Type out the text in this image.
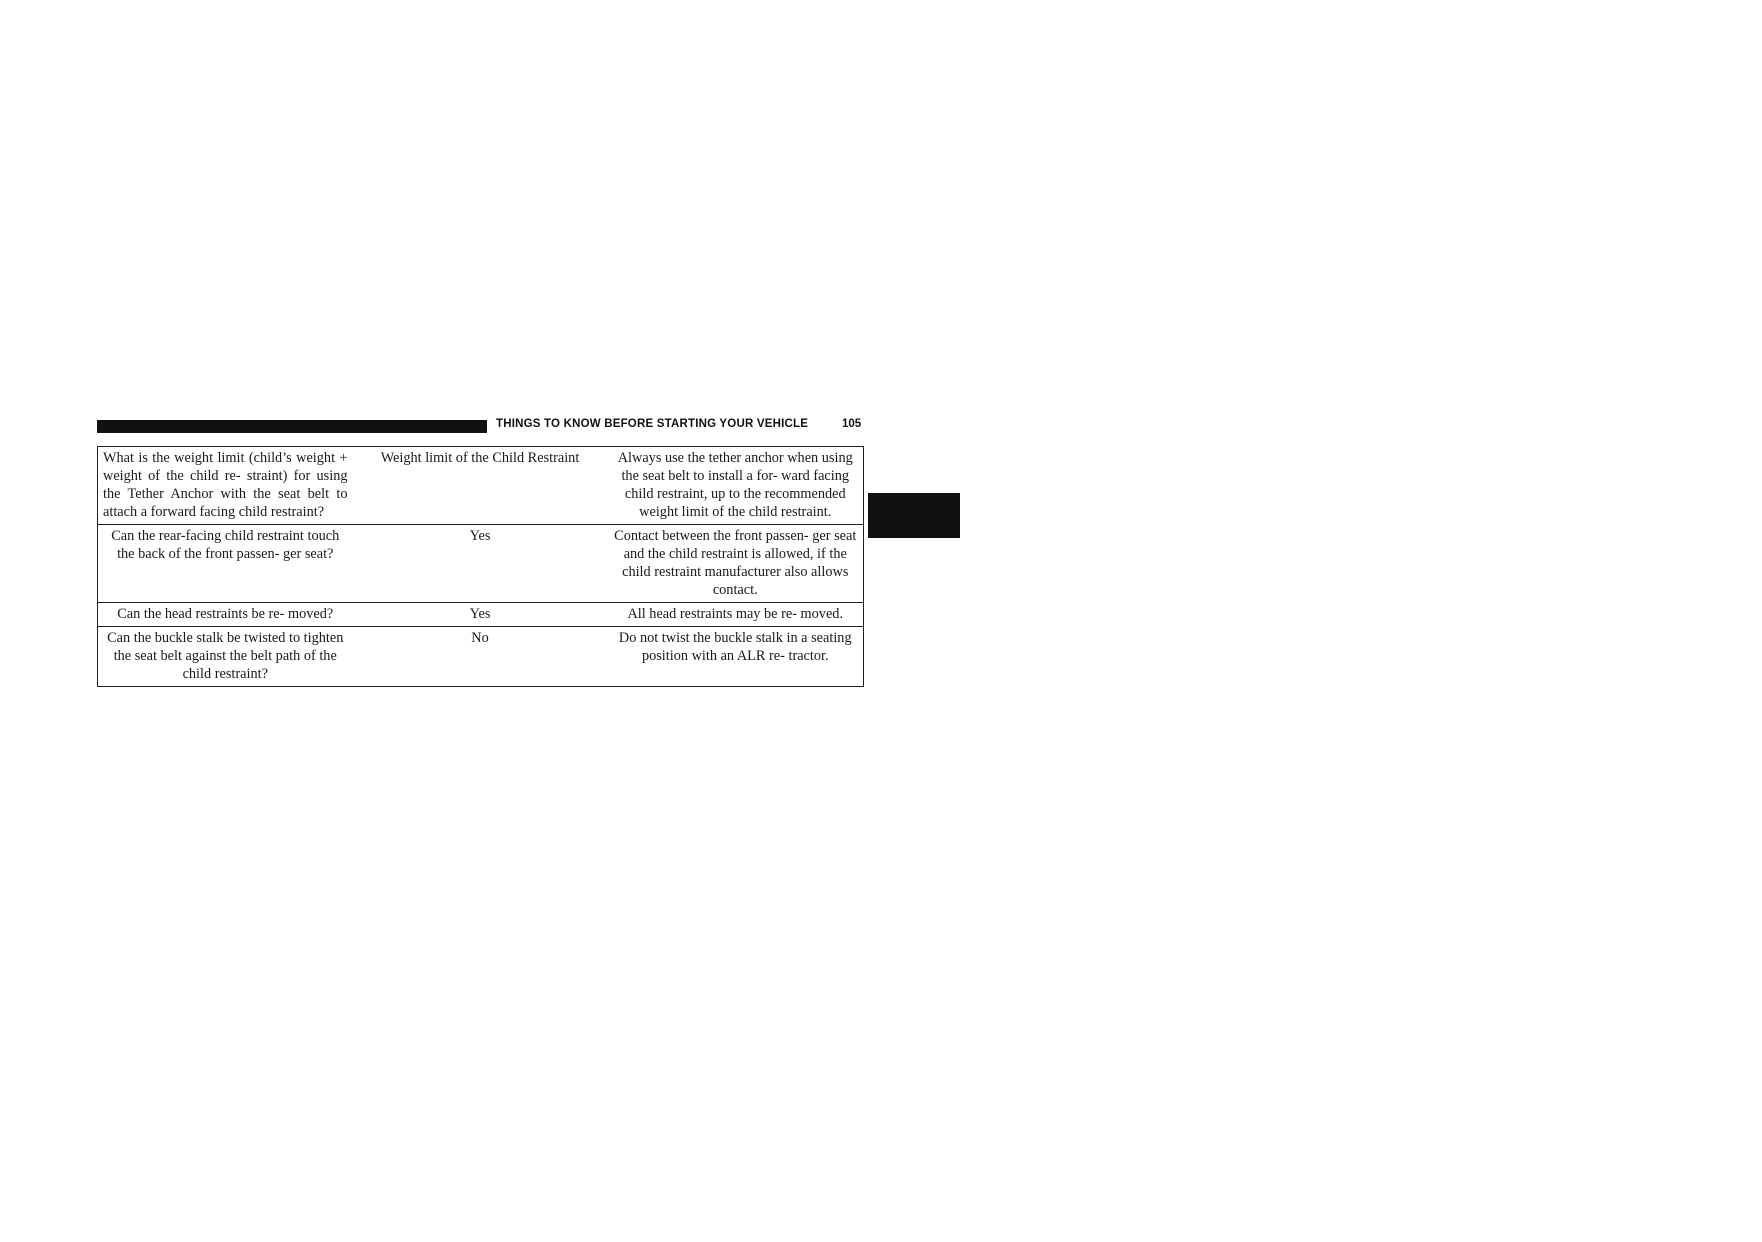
THINGS TO KNOW BEFORE STARTING YOUR VEHICLE	105
2
What is the weight limit (child’s weight + weight of the child re- straint) for using the Tether Anchor with the seat belt to attach a forward facing child restraint?	Weight limit of the Child Restraint	Always use the tether anchor when using the seat belt to install a for- ward facing child restraint, up to the recommended weight limit of the child restraint.
Can the rear-facing child restraint touch the back of the front passen- ger seat?	Yes	Contact between the front passen- ger seat and the child restraint is allowed, if the child restraint manufacturer also allows contact.
Can the head restraints be re- moved?	Yes	All head restraints may be re- moved.
Can the buckle stalk be twisted to tighten the seat belt against the belt path of the child restraint?	No	Do not twist the buckle stalk in a seating position with an ALR re- tractor.
